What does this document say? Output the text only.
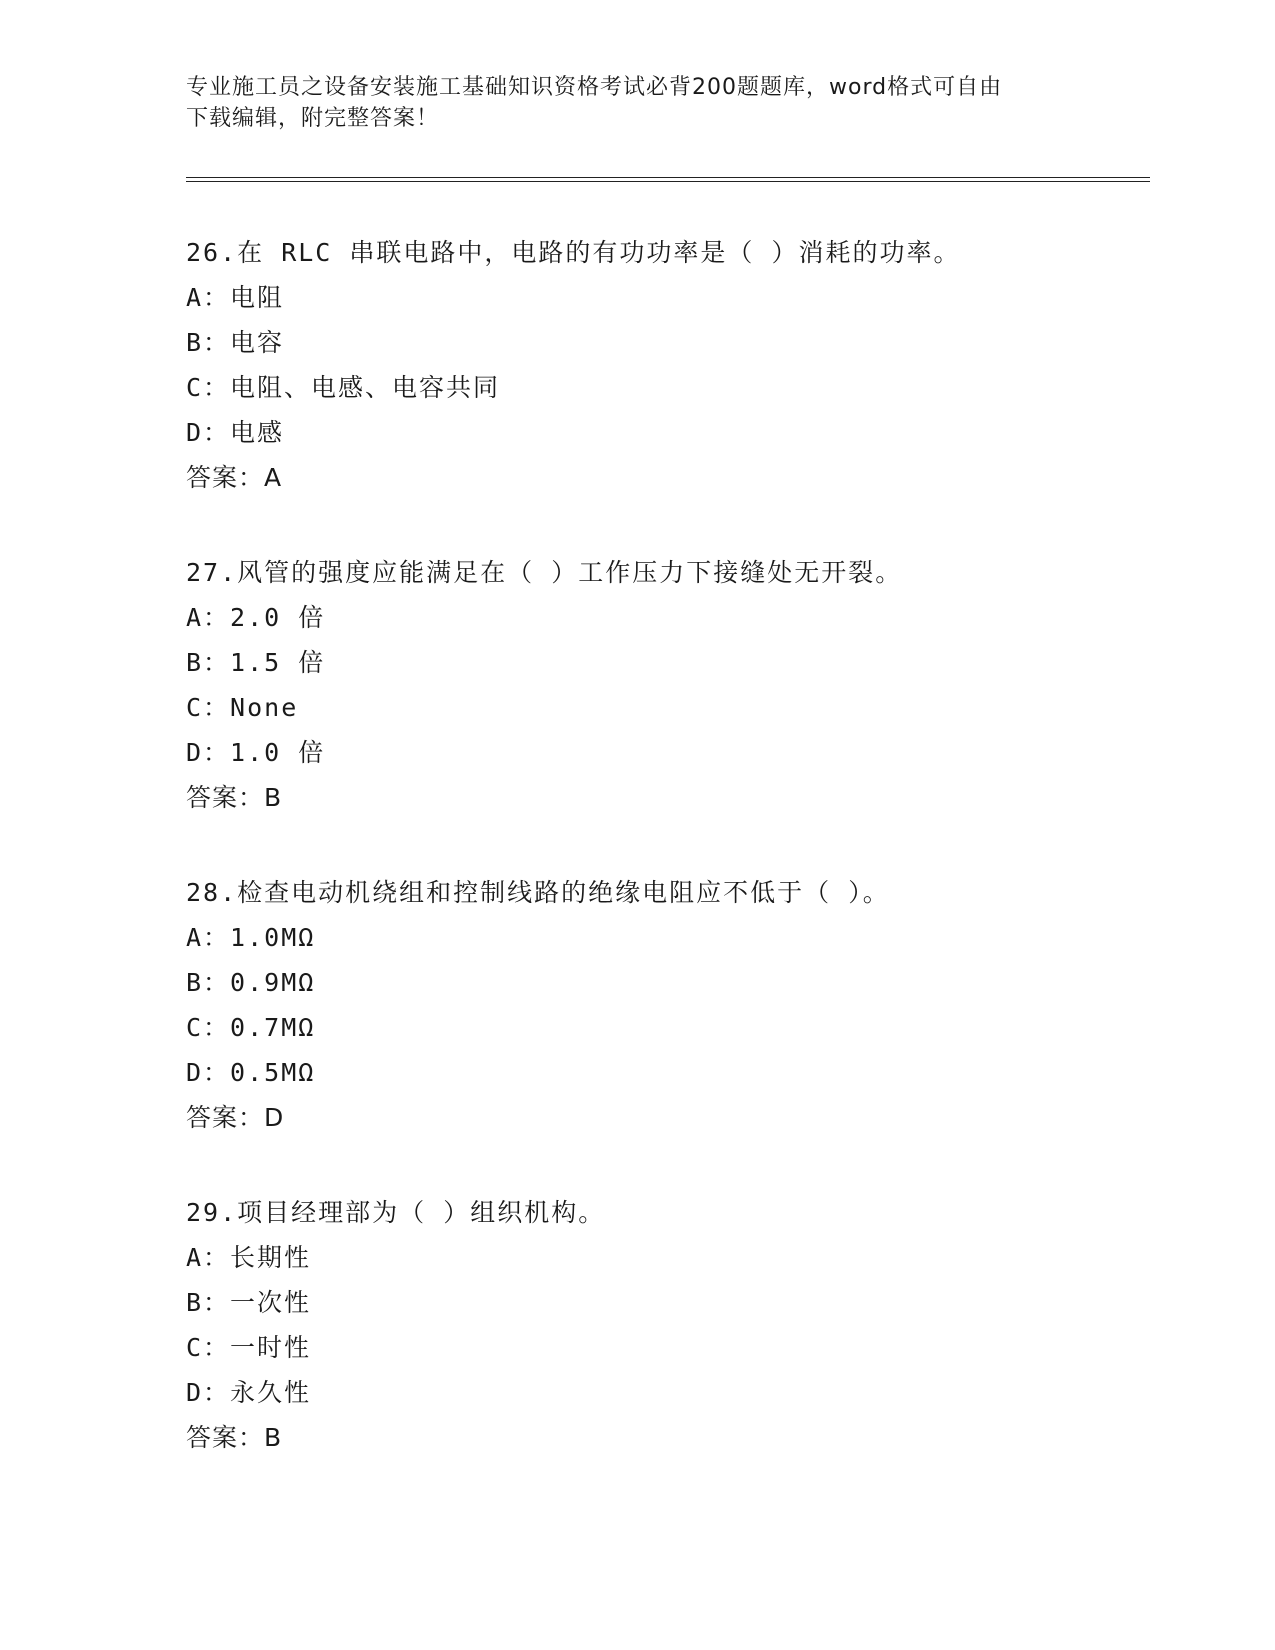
专业施工员之设备安装施工基础知识资格考试必背200题题库，word格式可自由
下载编辑，附完整答案！
26.在 RLC 串联电路中，电路的有功功率是（ ）消耗的功率。
A：电阻
B：电容
C：电阻、电感、电容共同
D：电感
答案：A
27.风管的强度应能满足在（ ）工作压力下接缝处无开裂。
A：2.0 倍
B：1.5 倍
C：None
D：1.0 倍
答案：B
28.检查电动机绕组和控制线路的绝缘电阻应不低于（ ）。
A：1.0MΩ
B：0.9MΩ
C：0.7MΩ
D：0.5MΩ
答案：D
29.项目经理部为（ ）组织机构。
A：长期性
B：一次性
C：一时性
D：永久性
答案：B
